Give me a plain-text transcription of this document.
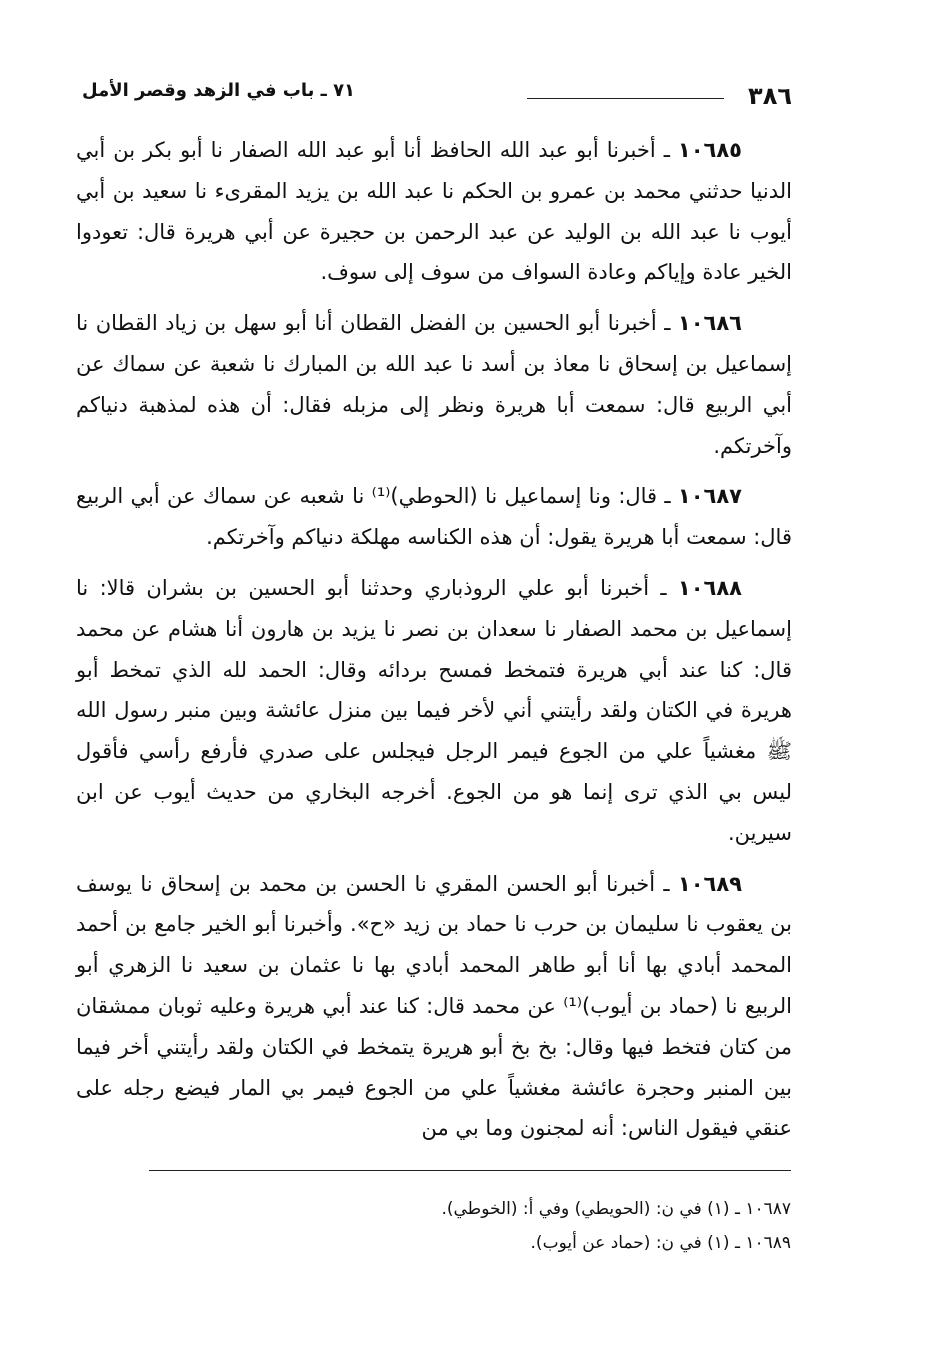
٣٨٦
٧١ ـ باب في الزهد وقصر الأمل

١٠٦٨٥ ـ أخبرنا أبو عبد الله الحافظ أنا أبو عبد الله الصفار نا أبو بكر بن أبي الدنيا حدثني محمد بن عمرو بن الحكم نا عبد الله بن يزيد المقرىء نا سعيد بن أبي أيوب نا عبد الله بن الوليد عن عبد الرحمن بن حجيرة عن أبي هريرة قال: تعودوا الخير عادة وإياكم وعادة السواف من سوف إلى سوف.

١٠٦٨٦ ـ أخبرنا أبو الحسين بن الفضل القطان أنا أبو سهل بن زياد القطان نا إسماعيل بن إسحاق نا معاذ بن أسد نا عبد الله بن المبارك نا شعبة عن سماك عن أبي الربيع قال: سمعت أبا هريرة ونظر إلى مزبله فقال: أن هذه لمذهبة دنياكم وآخرتكم.

١٠٦٨٧ ـ قال: ونا إسماعيل نا (الحوطي)⁽¹⁾ نا شعبه عن سماك عن أبي الربيع قال: سمعت أبا هريرة يقول: أن هذه الكناسه مهلكة دنياكم وآخرتكم.

١٠٦٨٨ ـ أخبرنا أبو علي الروذباري وحدثنا أبو الحسين بن بشران قالا: نا إسماعيل بن محمد الصفار نا سعدان بن نصر نا يزيد بن هارون أنا هشام عن محمد قال: كنا عند أبي هريرة فتمخط فمسح بردائه وقال: الحمد لله الذي تمخط أبو هريرة في الكتان ولقد رأيتني أني لأخر فيما بين منزل عائشة وبين منبر رسول الله ﷺ مغشياً علي من الجوع فيمر الرجل فيجلس على صدري فأرفع رأسي فأقول ليس بي الذي ترى إنما هو من الجوع. أخرجه البخاري من حديث أيوب عن ابن سيرين.

١٠٦٨٩ ـ أخبرنا أبو الحسن المقري نا الحسن بن محمد بن إسحاق نا يوسف بن يعقوب نا سليمان بن حرب نا حماد بن زيد «ح». وأخبرنا أبو الخير جامع بن أحمد المحمد أبادي بها أنا أبو طاهر المحمد أبادي بها نا عثمان بن سعيد نا الزهري أبو الربيع نا (حماد بن أيوب)⁽¹⁾ عن محمد قال: كنا عند أبي هريرة وعليه ثوبان ممشقان من كتان فتخط فيها وقال: بخ بخ أبو هريرة يتمخط في الكتان ولقد رأيتني أخر فيما بين المنبر وحجرة عائشة مغشياً علي من الجوع فيمر بي المار فيضع رجله على عنقي فيقول الناس: أنه لمجنون وما بي من

١٠٦٨٧ ـ (١) في ن: (الحويطي) وفي أ: (الخوطي).

١٠٦٨٩ ـ (١) في ن: (حماد عن أيوب).
